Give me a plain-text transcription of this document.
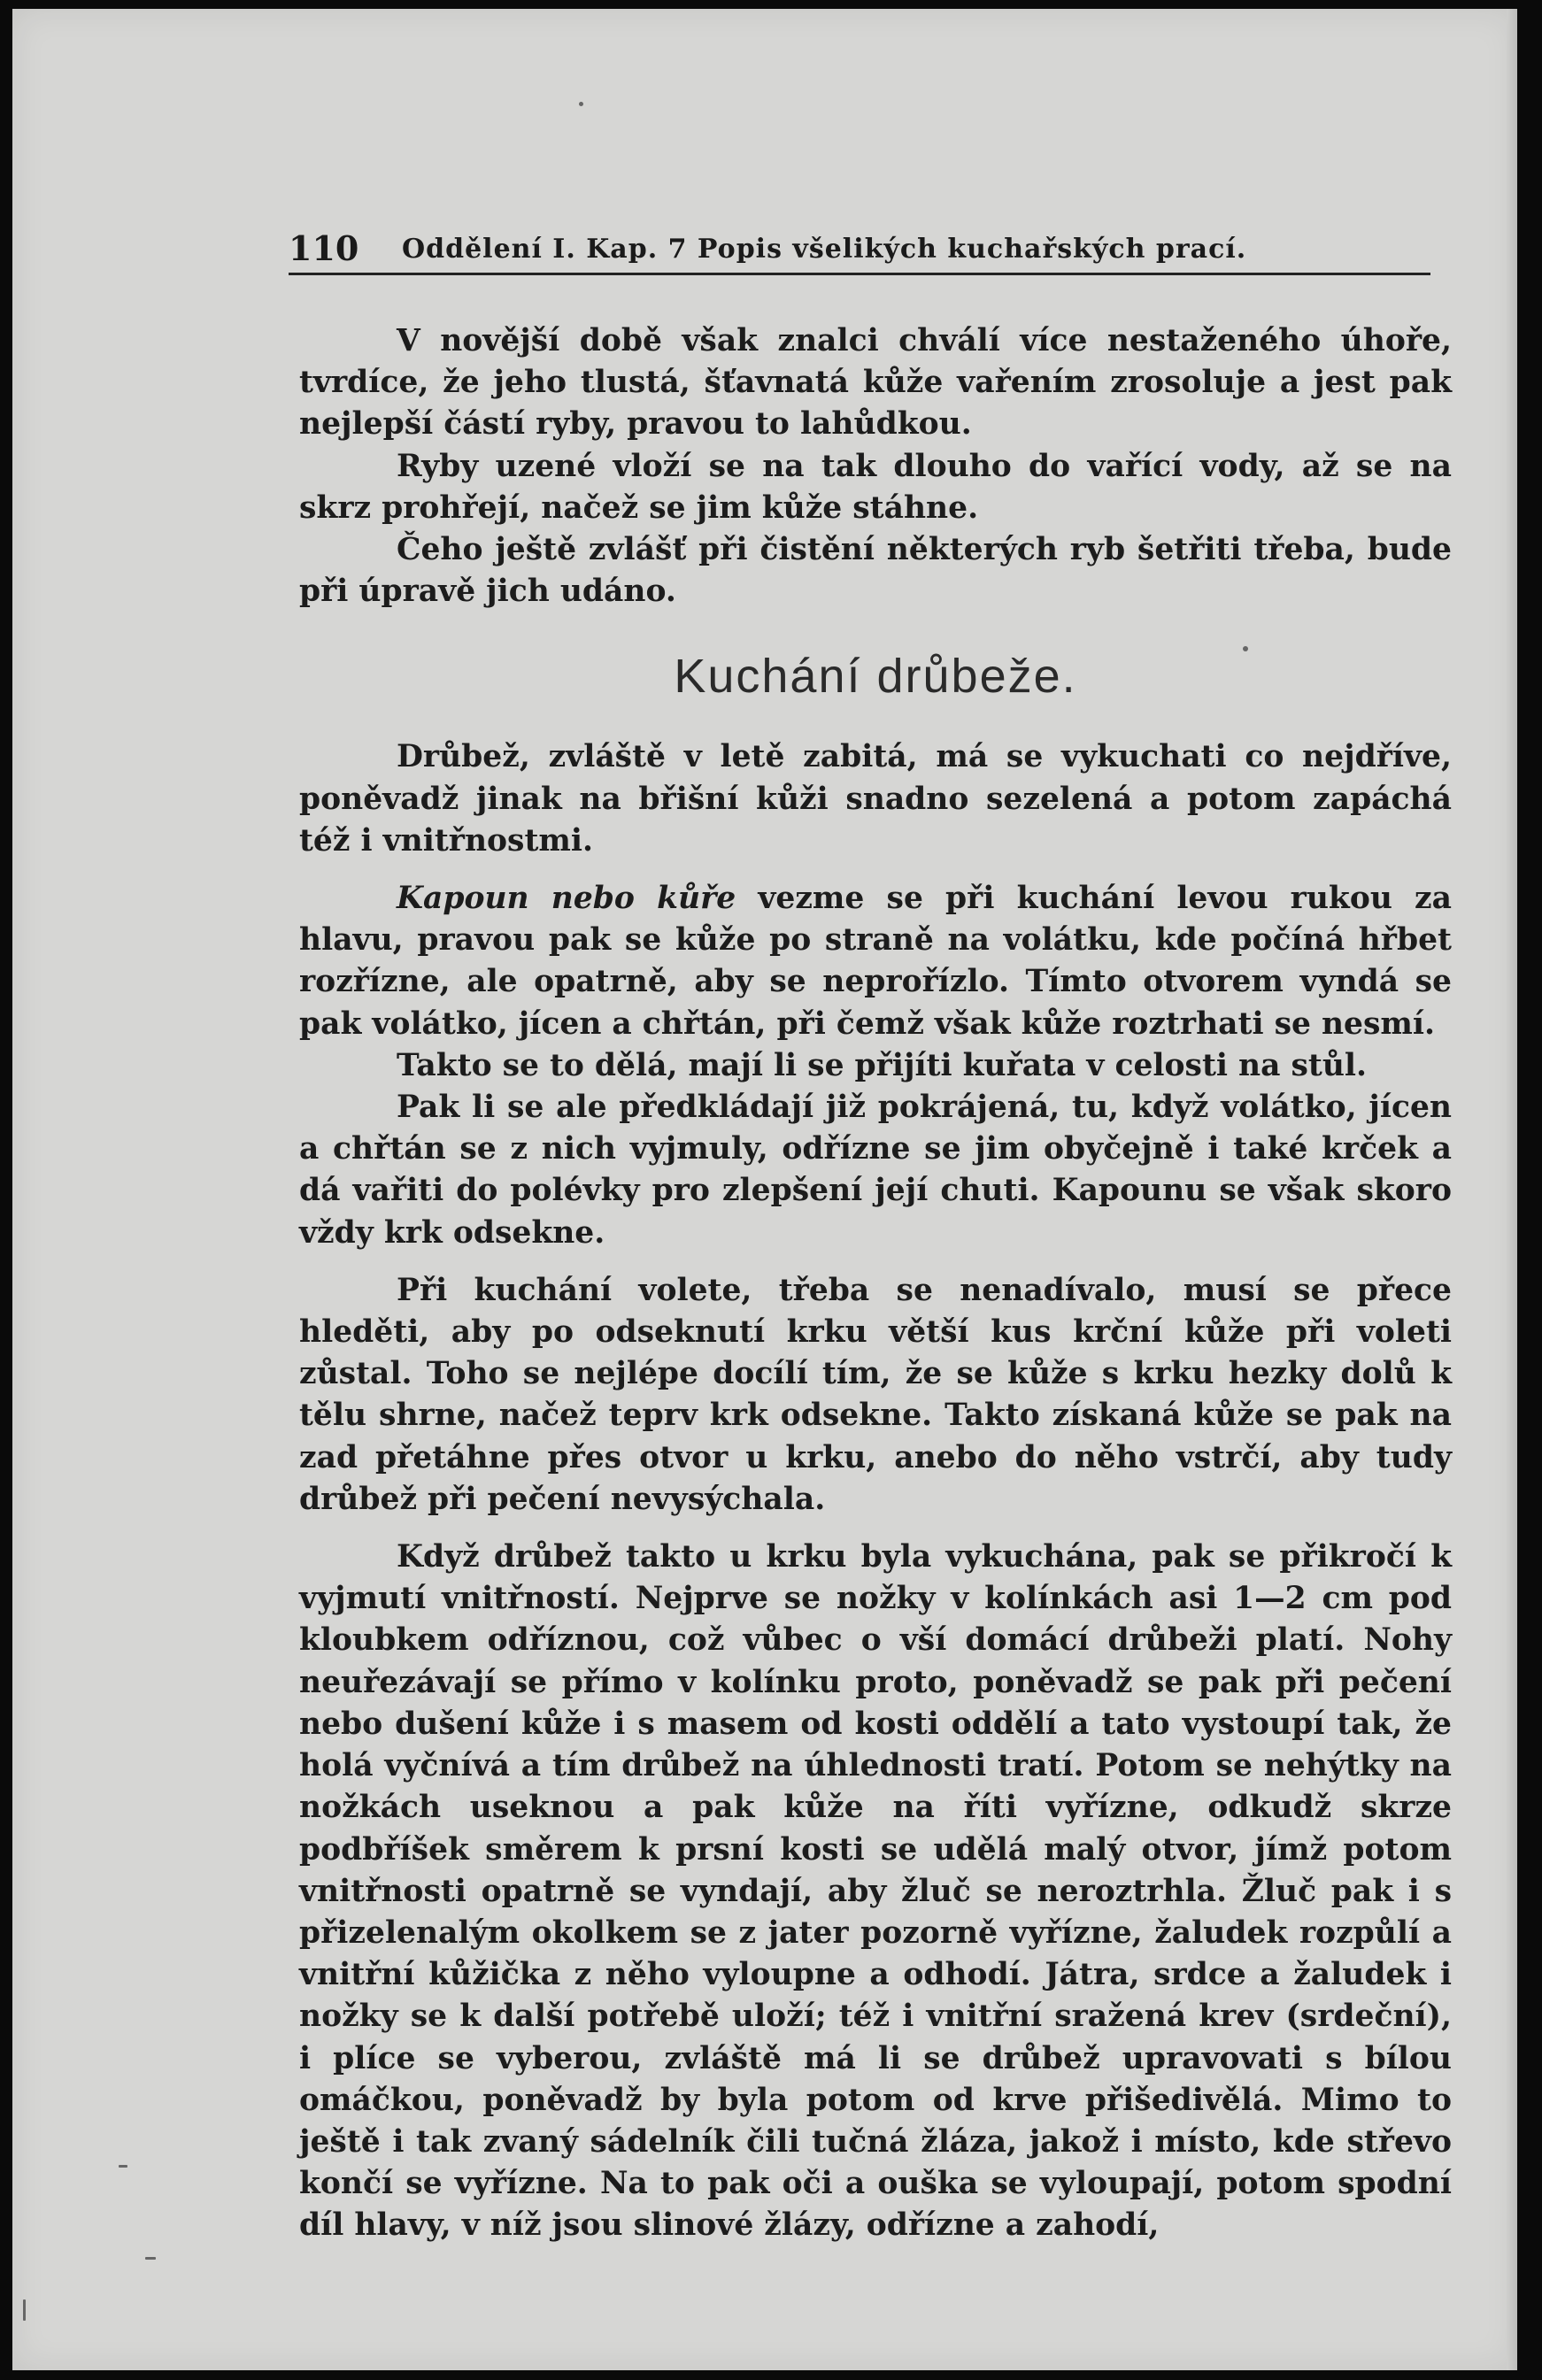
110 Oddělení I. Kap. 7 Popis všelikých kuchařských prací.

V novější době však znalci chválí více nestaženého úhoře, tvrdíce, že jeho tlustá, šťavnatá kůže vařením zrosoluje a jest pak nejlepší částí ryby, pravou to lahůdkou.

Ryby uzené vloží se na tak dlouho do vařící vody, až se na skrz prohřejí, načež se jim kůže stáhne.

Čeho ještě zvlášť při čistění některých ryb šetřiti třeba, bude při úpravě jich udáno.

Kuchání drůbeže.

Drůbež, zvláště v letě zabitá, má se vykuchati co nejdříve, poněvadž jinak na břišní kůži snadno sezelená a potom zapáchá též i vnitřnostmi.

Kapoun nebo kůře vezme se při kuchání levou rukou za hlavu, pravou pak se kůže po straně na volátku, kde počíná hřbet rozřízne, ale opatrně, aby se neprořízlo. Tímto otvorem vyndá se pak volátko, jícen a chřtán, při čemž však kůže roztrhati se nesmí.

Takto se to dělá, mají li se přijíti kuřata v celosti na stůl.

Pak li se ale předkládají již pokrájená, tu, když volátko, jícen a chřtán se z nich vyjmuly, odřízne se jim obyčejně i také krček a dá vařiti do polévky pro zlepšení její chuti. Kapounu se však skoro vždy krk odsekne.

Při kuchání volete, třeba se nenadívalo, musí se přece hleděti, aby po odseknutí krku větší kus krční kůže při voleti zůstal. Toho se nejlépe docílí tím, že se kůže s krku hezky dolů k tělu shrne, načež teprv krk odsekne. Takto získaná kůže se pak na zad přetáhne přes otvor u krku, anebo do něho vstrčí, aby tudy drůbež při pečení nevysýchala.

Když drůbež takto u krku byla vykuchána, pak se přikročí k vyjmutí vnitřností. Nejprve se nožky v kolínkách asi 1—2 cm pod kloubkem odříznou, což vůbec o vší domácí drůbeži platí. Nohy neuřezávají se přímo v kolínku proto, poněvadž se pak při pečení nebo dušení kůže i s masem od kosti oddělí a tato vystoupí tak, že holá vyčnívá a tím drůbež na úhlednosti tratí. Potom se nehýtky na nožkách useknou a pak kůže na říti vyřízne, odkudž skrze podbříšek směrem k prsní kosti se udělá malý otvor, jímž potom vnitřnosti opatrně se vyndají, aby žluč se neroztrhla. Žluč pak i s přizelenalým okolkem se z jater pozorně vyřízne, žaludek rozpůlí a vnitřní kůžička z něho vyloupne a odhodí. Játra, srdce a žaludek i nožky se k další potřebě uloží; též i vnitřní sražená krev (srdeční), i plíce se vyberou, zvláště má li se drůbež upravovati s bílou omáčkou, poněvadž by byla potom od krve přišedivělá. Mimo to ještě i tak zvaný sádelník čili tučná žláza, jakož i místo, kde střevo končí se vyřízne. Na to pak oči a ouška se vyloupají, potom spodní díl hlavy, v níž jsou slinové žlázy, odřízne a zahodí,
